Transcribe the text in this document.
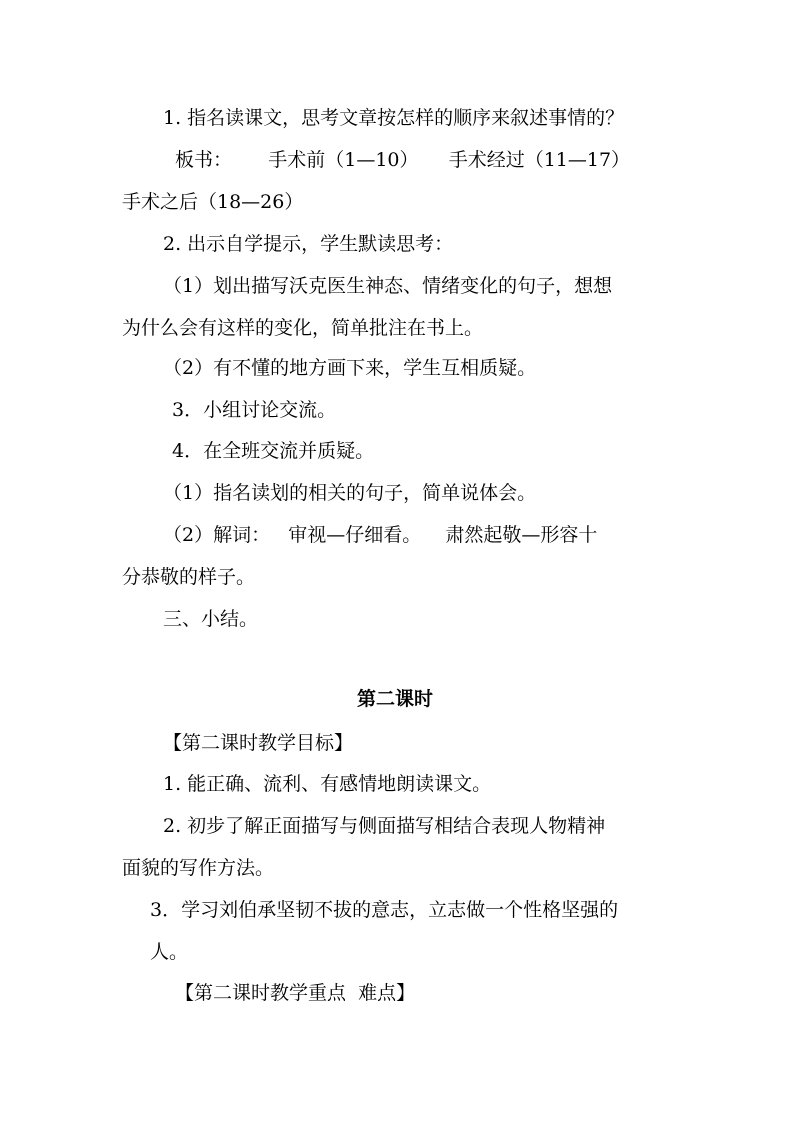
1. 指名读课文，思考文章按怎样的顺序来叙述事情的？
板书：      手术前（1—10）     手术经过（11—17）
手术之后（18—26）
2. 出示自学提示，学生默读思考：
（1）划出描写沃克医生神态、情绪变化的句子，想想
为什么会有这样的变化，简单批注在书上。
（2）有不懂的地方画下来，学生互相质疑。
3．小组讨论交流。
4．在全班交流并质疑。
（1）指名读划的相关的句子，简单说体会。
（2）解词：   审视—仔细看。    肃然起敬—形容十
分恭敬的样子。
三、小结。
第二课时
【第二课时教学目标】
1. 能正确、流利、有感情地朗读课文。
2. 初步了解正面描写与侧面描写相结合表现人物精神
面貌的写作方法。
3．学习刘伯承坚韧不拔的意志，立志做一个性格坚强的
人。
【第二课时教学重点  难点】
